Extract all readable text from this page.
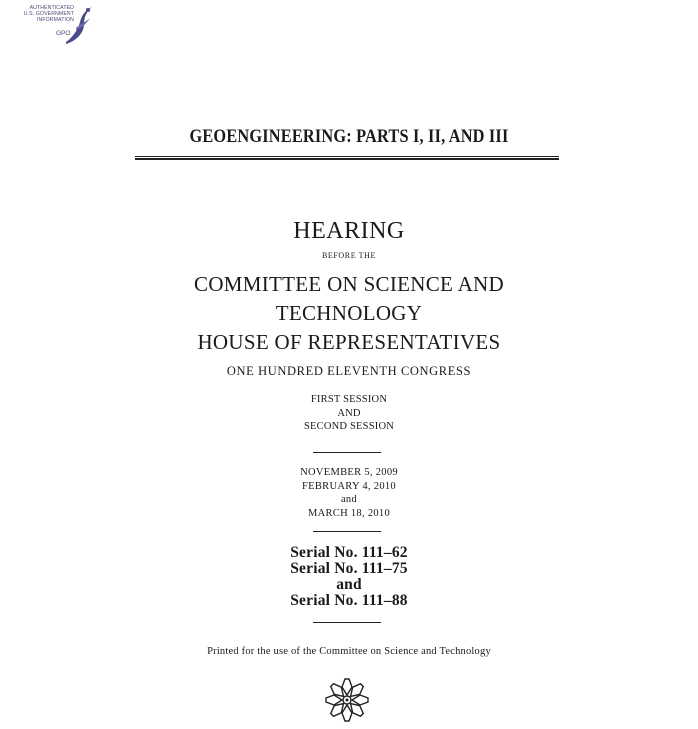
AUTHENTICATED
U.S. GOVERNMENT
INFORMATION
GPO
GEOENGINEERING: PARTS I, II, AND III
HEARING
BEFORE THE
COMMITTEE ON SCIENCE AND
TECHNOLOGY
HOUSE OF REPRESENTATIVES
ONE HUNDRED ELEVENTH CONGRESS
FIRST SESSION
AND
SECOND SESSION
NOVEMBER 5, 2009
FEBRUARY 4, 2010
and
MARCH 18, 2010
Serial No. 111–62
Serial No. 111–75
and
Serial No. 111–88
Printed for the use of the Committee on Science and Technology
